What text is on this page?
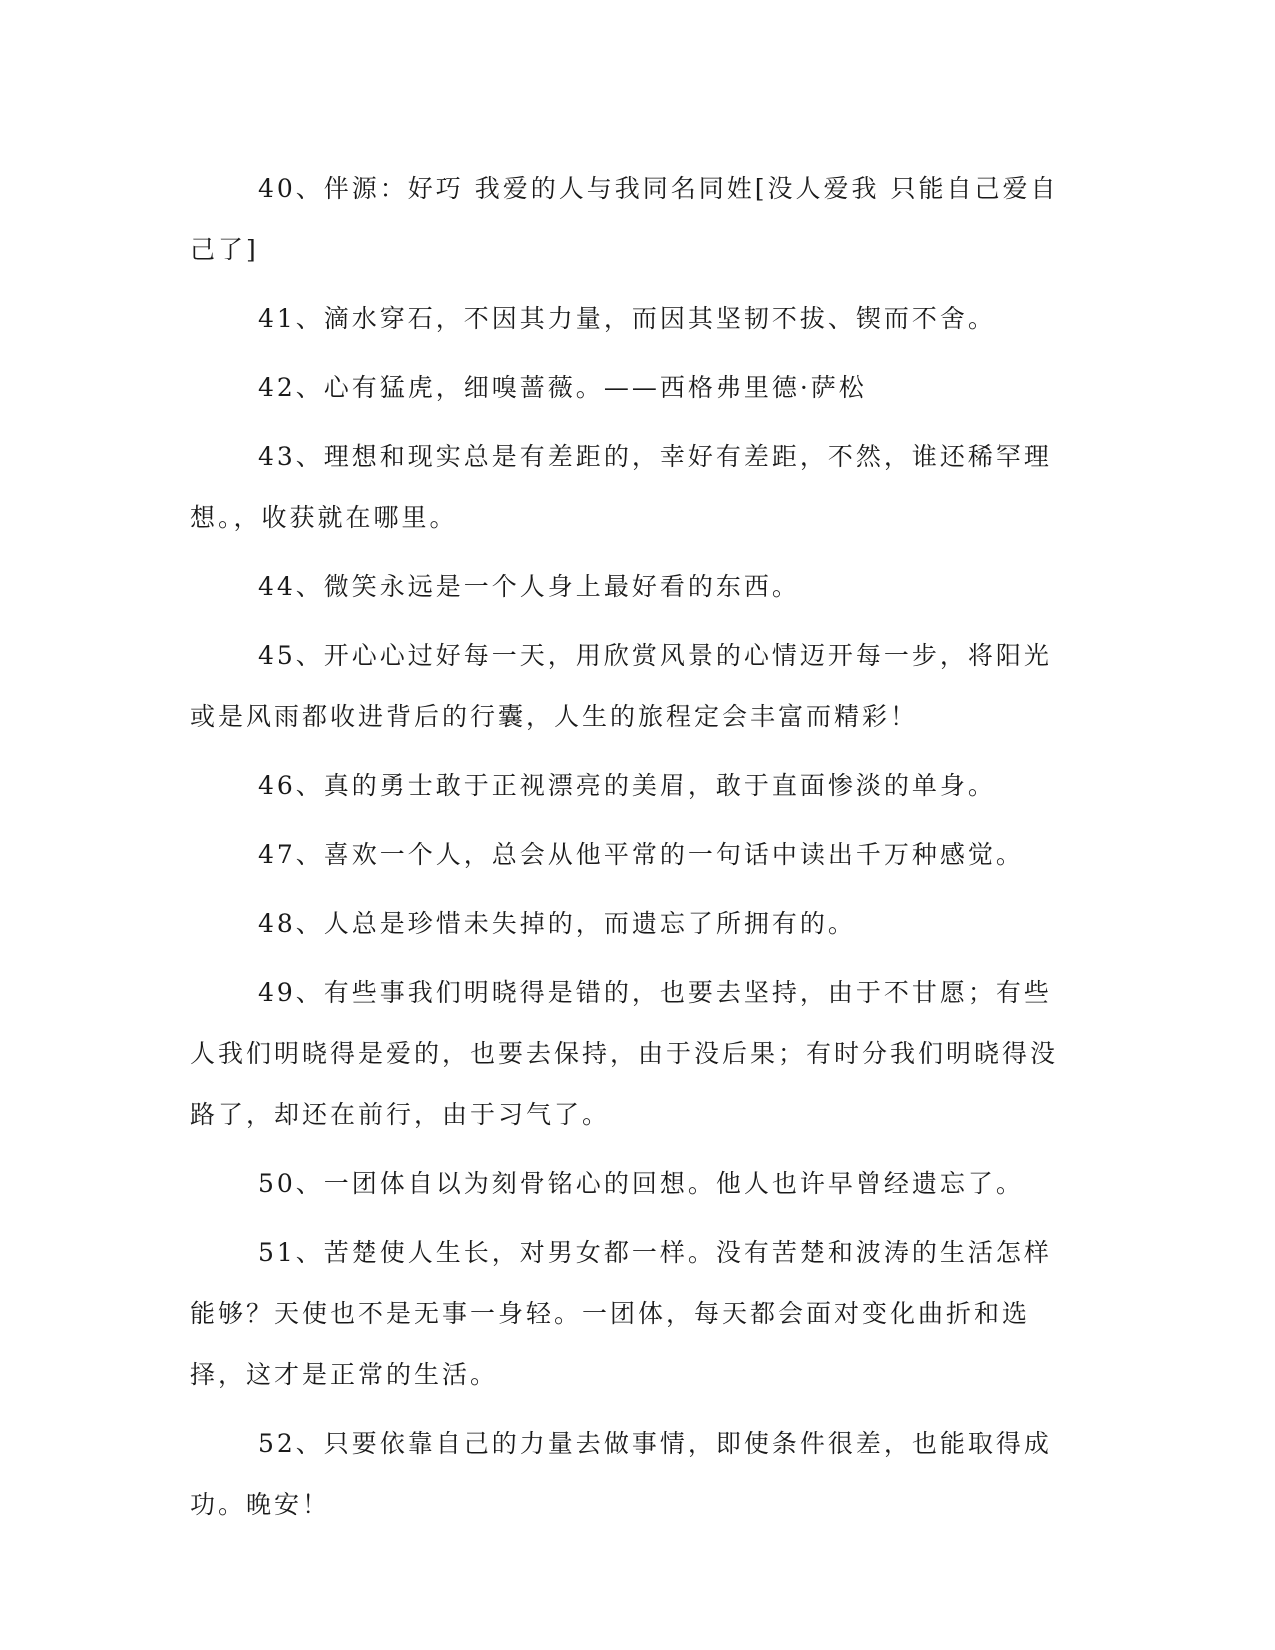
40、伴源：好巧 我爱的人与我同名同姓[没人爱我 只能自己爱自己了]

41、滴水穿石，不因其力量，而因其坚韧不拔、锲而不舍。

42、心有猛虎，细嗅蔷薇。——西格弗里德·萨松

43、理想和现实总是有差距的，幸好有差距，不然，谁还稀罕理想。，收获就在哪里。

44、微笑永远是一个人身上最好看的东西。

45、开心心过好每一天，用欣赏风景的心情迈开每一步，将阳光或是风雨都收进背后的行囊，人生的旅程定会丰富而精彩！

46、真的勇士敢于正视漂亮的美眉，敢于直面惨淡的单身。

47、喜欢一个人，总会从他平常的一句话中读出千万种感觉。

48、人总是珍惜未失掉的，而遗忘了所拥有的。

49、有些事我们明晓得是错的，也要去坚持，由于不甘愿；有些人我们明晓得是爱的，也要去保持，由于没后果；有时分我们明晓得没路了，却还在前行，由于习气了。

50、一团体自以为刻骨铭心的回想。他人也许早曾经遗忘了。

51、苦楚使人生长，对男女都一样。没有苦楚和波涛的生活怎样能够？天使也不是无事一身轻。一团体，每天都会面对变化曲折和选择，这才是正常的生活。

52、只要依靠自己的力量去做事情，即使条件很差，也能取得成功。晚安！
